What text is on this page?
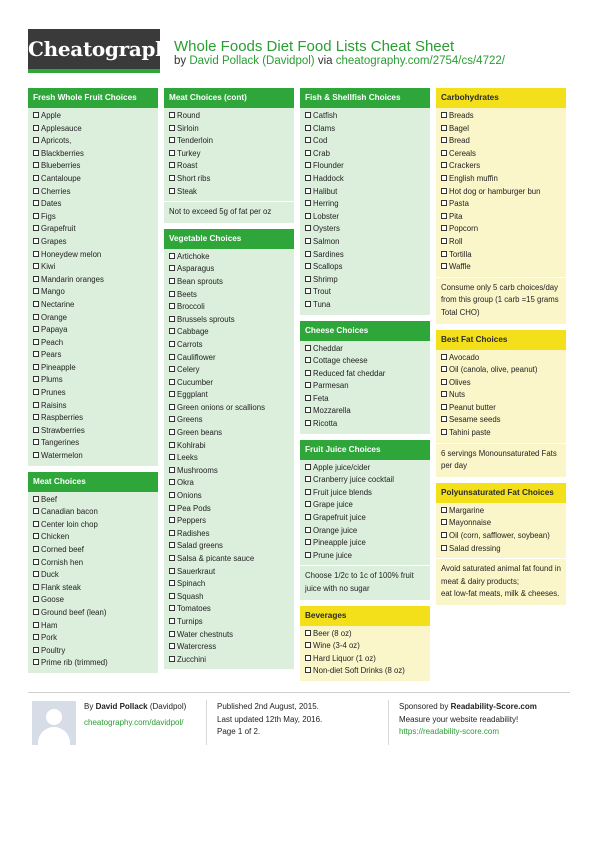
Cheatography
Whole Foods Diet Food Lists Cheat Sheet
by David Pollack (Davidpol) via cheatography.com/2754/cs/4722/
Fresh Whole Fruit Choices
Apple
Applesauce
Apricots,
Blackberries
Blueberries
Cantaloupe
Cherries
Dates
Figs
Grapefruit
Grapes
Honeydew melon
Kiwi
Mandarin oranges
Mango
Nectarine
Orange
Papaya
Peach
Pears
Pineapple
Plums
Prunes
Raisins
Raspberries
Strawberries
Tangerines
Watermelon
Meat Choices
Beef
Canadian bacon
Center loin chop
Chicken
Corned beef
Cornish hen
Duck
Flank steak
Goose
Ground beef (lean)
Ham
Pork
Poultry
Prime rib (trimmed)
Meat Choices (cont)
Round
Sirloin
Tenderloin
Turkey
Roast
Short ribs
Steak
Not to exceed 5g of fat per oz
Vegetable Choices
Artichoke
Asparagus
Bean sprouts
Beets
Broccoli
Brussels sprouts
Cabbage
Carrots
Cauliflower
Celery
Cucumber
Eggplant
Green onions or scallions
Greens
Green beans
Kohlrabi
Leeks
Mushrooms
Okra
Onions
Pea Pods
Peppers
Radishes
Salad greens
Salsa & picante sauce
Sauerkraut
Spinach
Squash
Tomatoes
Turnips
Water chestnuts
Watercress
Zucchini
Fish & Shellfish Choices
Catfish
Clams
Cod
Crab
Flounder
Haddock
Halibut
Herring
Lobster
Oysters
Salmon
Sardines
Scallops
Shrimp
Trout
Tuna
Cheese Choices
Cheddar
Cottage cheese
Reduced fat cheddar
Parmesan
Feta
Mozzarella
Ricotta
Fruit Juice Choices
Apple juice/cider
Cranberry juice cocktail
Fruit juice blends
Grape juice
Grapefruit juice
Orange juice
Pineapple juice
Prune juice
Choose 1/2c to 1c of 100% fruit
juice with no sugar
Beverages
Beer (8 oz)
Wine (3-4 oz)
Hard Liquor (1 oz)
Non-diet Soft Drinks (8 oz)
Carbohydrates
Breads
Bagel
Bread
Cereals
Crackers
English muffin
Hot dog or hamburger bun
Pasta
Pita
Popcorn
Roll
Tortilla
Waffle
Consume only 5 carb choices/day
from this group (1 carb =15 grams
Total CHO)
Best Fat Choices
Avocado
Oil (canola, olive, peanut)
Olives
Nuts
Peanut butter
Sesame seeds
Tahini paste
6 servings Monounsaturated Fats
per day
Polyunsaturated Fat Choices
Margarine
Mayonnaise
Oil (corn, safflower, soybean)
Salad dressing
Avoid saturated animal fat found in
meat & dairy products;
eat low-fat meats, milk & cheeses.
By David Pollack (Davidpol)
cheatography.com/davidpol/
Published 2nd August, 2015.
Last updated 12th May, 2016.
Page 1 of 2.
Sponsored by Readability-Score.com
Measure your website readability!
https://readability-score.com
